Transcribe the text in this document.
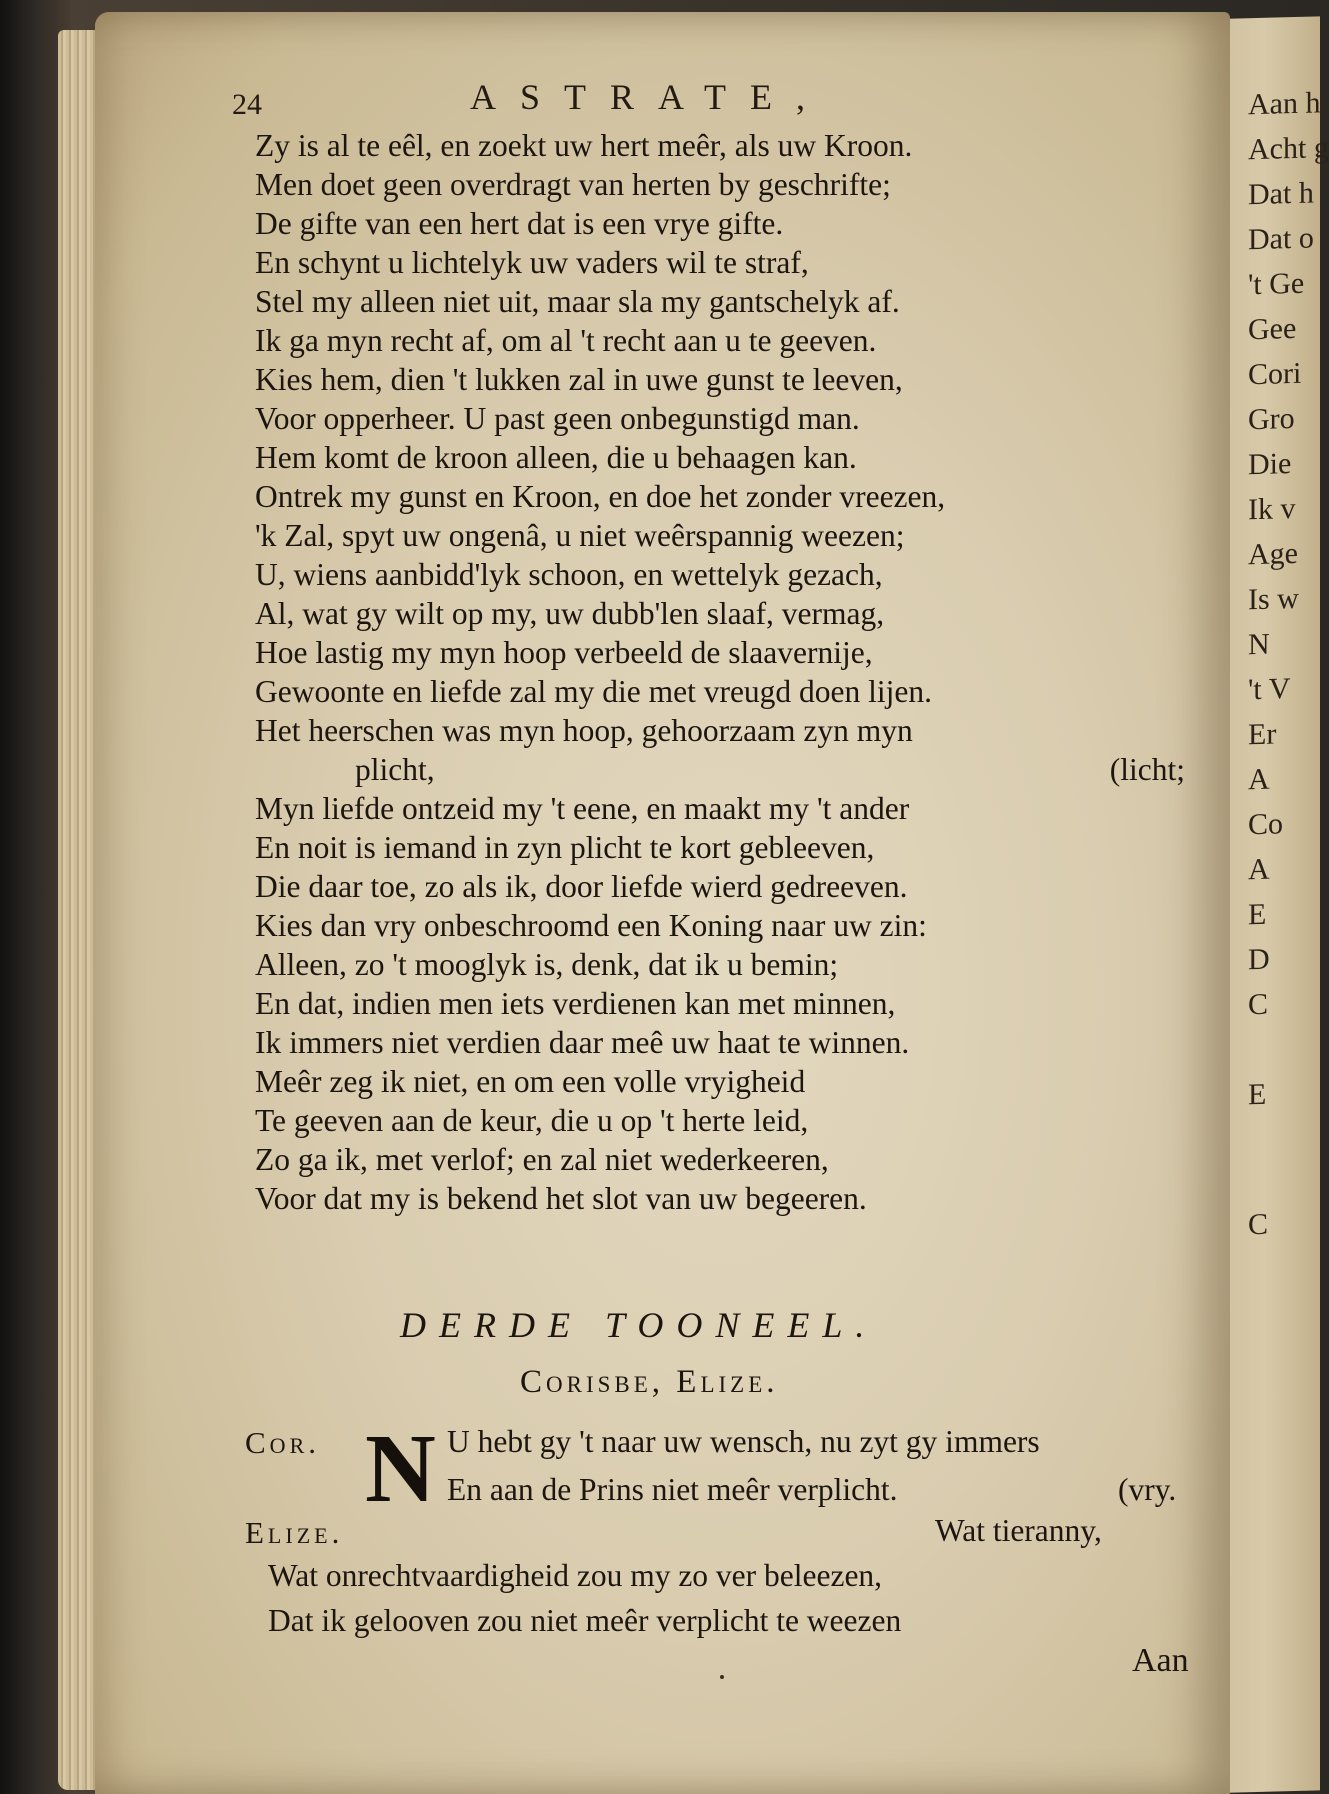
Aan h
Acht g
Dat h
Dat o
't Ge
Gee
Cori
Gro
Die
Ik v
Age
Is w
N
't V
Er
A
Co
A
E
D
C
E
C
24	ASTRATE,
Zy is al te eêl, en zoekt uw hert meêr, als uw Kroon.
Men doet geen overdragt van herten by geschrifte;
De gifte van een hert dat is een vrye gifte.
En schynt u lichtelyk uw vaders wil te straf,
Stel my alleen niet uit, maar sla my gantschelyk af.
Ik ga myn recht af, om al 't recht aan u te geeven.
Kies hem, dien 't lukken zal in uwe gunst te leeven,
Voor opperheer. U past geen onbegunstigd man.
Hem komt de kroon alleen, die u behaagen kan.
Ontrek my gunst en Kroon, en doe het zonder vreezen,
'k Zal, spyt uw ongenâ, u niet weêrspannig weezen;
U, wiens aanbidd'lyk schoon, en wettelyk gezach,
Al, wat gy wilt op my, uw dubb'len slaaf, vermag,
Hoe lastig my myn hoop verbeeld de slaavernije,
Gewoonte en liefde zal my die met vreugd doen lijen.
Het heerschen was myn hoop, gehoorzaam zyn myn
plicht,	(licht;
Myn liefde ontzeid my 't eene, en maakt my 't ander
En noit is iemand in zyn plicht te kort gebleeven,
Die daar toe, zo als ik, door liefde wierd gedreeven.
Kies dan vry onbeschroomd een Koning naar uw zin:
Alleen, zo 't mooglyk is, denk, dat ik u bemin;
En dat, indien men iets verdienen kan met minnen,
Ik immers niet verdien daar meê uw haat te winnen.
Meêr zeg ik niet, en om een volle vryigheid
Te geeven aan de keur, die u op 't herte leid,
Zo ga ik, met verlof; en zal niet wederkeeren,
Voor dat my is bekend het slot van uw begeeren.
DERDE TOONEEL.
Corisbe, Elize.
Cor. N U hebt gy 't naar uw wensch, nu zyt gy immers
En aan de Prins niet meêr verplicht.	(vry.
Elize.	Wat tieranny,
Wat onrechtvaardigheid zou my zo ver beleezen,
Dat ik gelooven zou niet meêr verplicht te weezen
Aan
